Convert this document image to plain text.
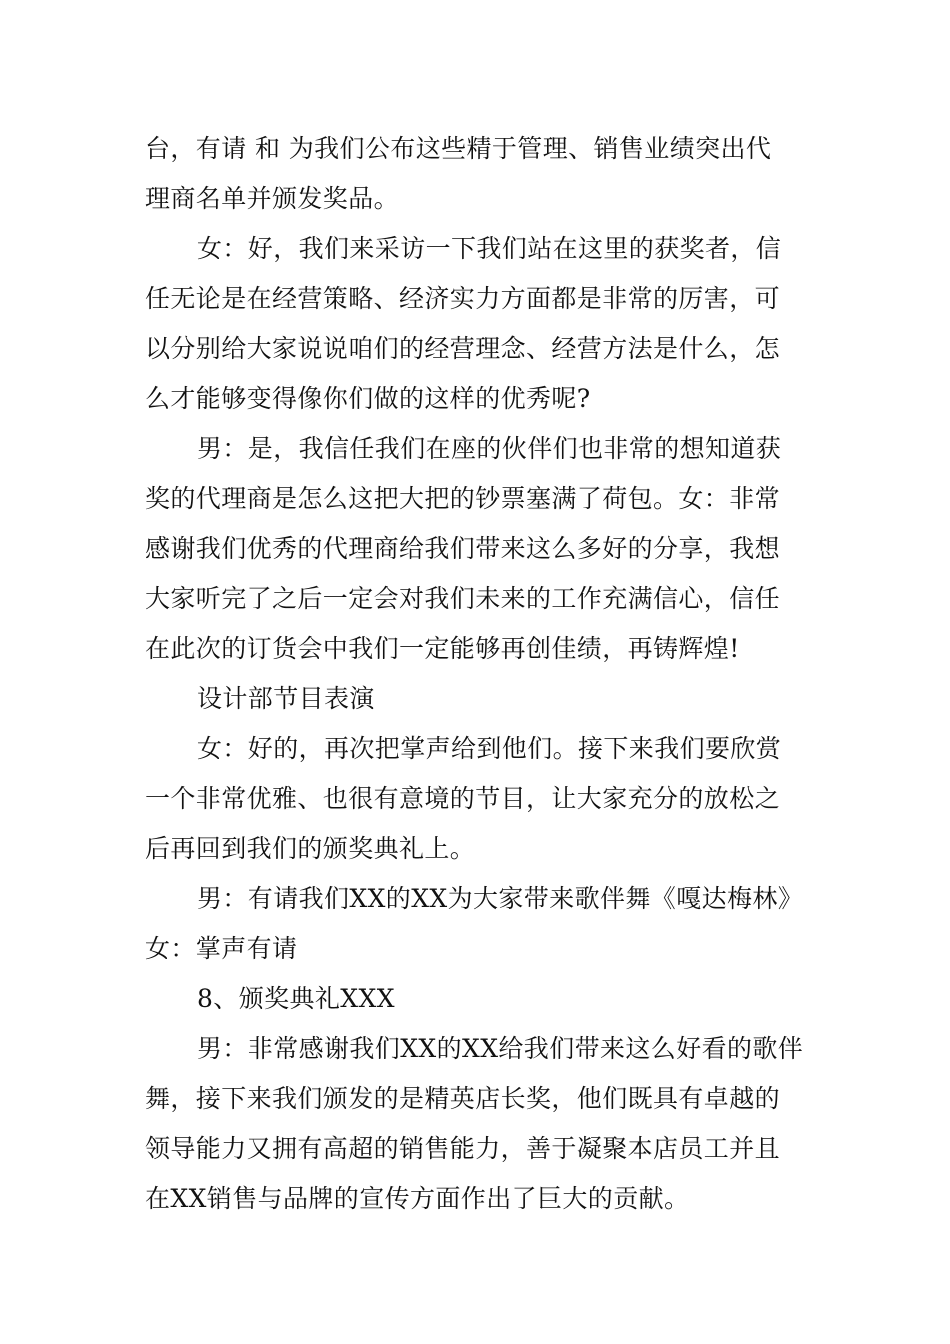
台，有请 和 为我们公布这些精于管理、销售业绩突出代
理商名单并颁发奖品。
女：好，我们来采访一下我们站在这里的获奖者，信
任无论是在经营策略、经济实力方面都是非常的厉害，可
以分别给大家说说咱们的经营理念、经营方法是什么，怎
么才能够变得像你们做的这样的优秀呢?
男：是，我信任我们在座的伙伴们也非常的想知道获
奖的代理商是怎么这把大把的钞票塞满了荷包。女：非常
感谢我们优秀的代理商给我们带来这么多好的分享，我想
大家听完了之后一定会对我们未来的工作充满信心，信任
在此次的订货会中我们一定能够再创佳绩，再铸辉煌!
设计部节目表演
女：好的，再次把掌声给到他们。接下来我们要欣赏
一个非常优雅、也很有意境的节目，让大家充分的放松之
后再回到我们的颁奖典礼上。
男：有请我们XX的XX为大家带来歌伴舞《嘎达梅林》
女：掌声有请
8、颁奖典礼XXX
男：非常感谢我们XX的XX给我们带来这么好看的歌伴
舞，接下来我们颁发的是精英店长奖，他们既具有卓越的
领导能力又拥有高超的销售能力，善于凝聚本店员工并且
在XX销售与品牌的宣传方面作出了巨大的贡献。
